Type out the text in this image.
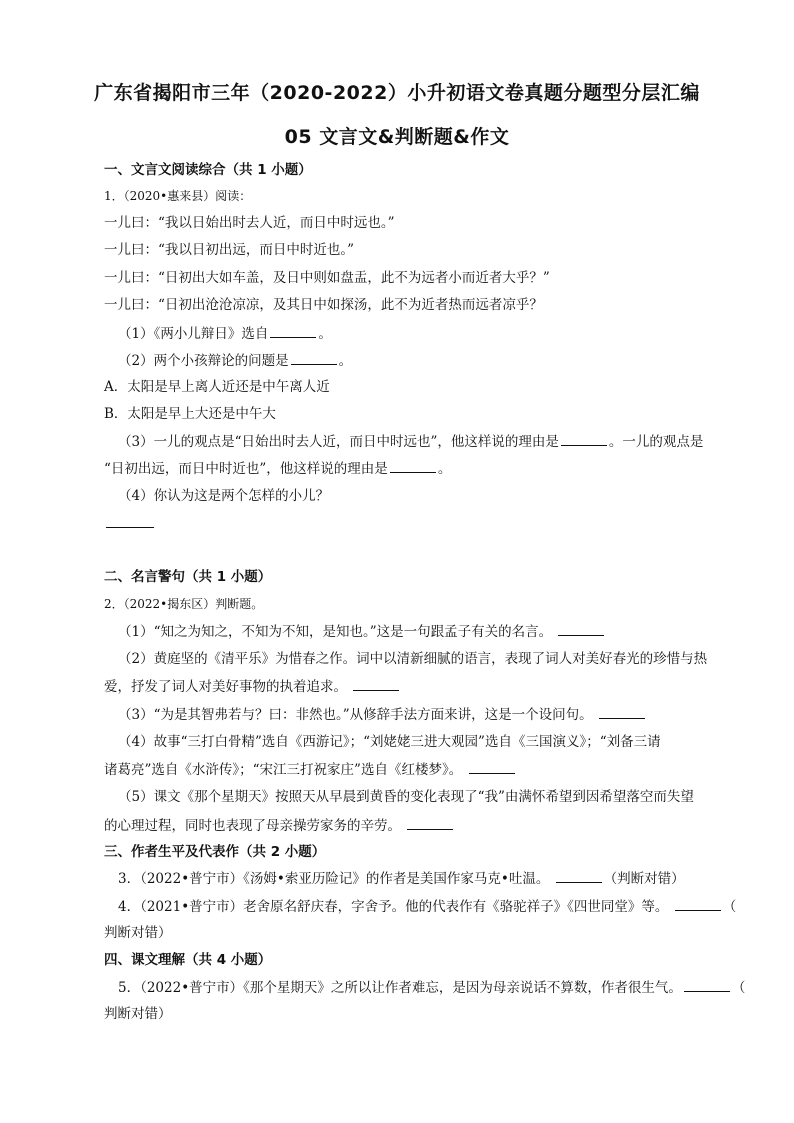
广东省揭阳市三年（2020-2022）小升初语文卷真题分题型分层汇编
05 文言文&判断题&作文
一、文言文阅读综合（共 1 小题）
1．（2020•惠来县）阅读：
一儿曰：“我以日始出时去人近，而日中时远也。”
一儿曰：“我以日初出远，而日中时近也。”
一儿曰：“日初出大如车盖，及日中则如盘盂，此不为远者小而近者大乎？”
一儿曰：“日初出沧沧凉凉，及其日中如探汤，此不为近者热而远者凉乎？
（1）《两小儿辩日》选自	。
（2）两个小孩辩论的问题是	。
A．太阳是早上离人近还是中午离人近
B．太阳是早上大还是中午大
（3）一儿的观点是“日始出时去人近，而日中时远也”，他这样说的理由是	。一儿的观点是
“日初出远，而日中时近也”，他这样说的理由是	。
（4）你认为这是两个怎样的小儿？
二、名言警句（共 1 小题）
2．（2022•揭东区）判断题。
（1）“知之为知之，不知为不知，是知也。”这是一句跟孟子有关的名言。
（2）黄庭坚的《清平乐》为惜春之作。词中以清新细腻的语言，表现了词人对美好春光的珍惜与热
爱，抒发了词人对美好事物的执着追求。
（3）“为是其智弗若与？曰：非然也。”从修辞手法方面来讲，这是一个设问句。
（4）故事“三打白骨精”选自《西游记》；“刘姥姥三进大观园”选自《三国演义》；“刘备三请
诸葛亮”选自《水浒传》；“宋江三打祝家庄”选自《红楼梦》。
（5）课文《那个星期天》按照天从早晨到黄昏的变化表现了“我”由满怀希望到因希望落空而失望
的心理过程，同时也表现了母亲操劳家务的辛劳。
三、作者生平及代表作（共 2 小题）
3．（2022•普宁市）《汤姆•索亚历险记》的作者是美国作家马克•吐温。	（判断对错）
4．（2021•普宁市）老舍原名舒庆春，字舍予。他的代表作有《骆驼祥子》《四世同堂》等。	（
判断对错）
四、课文理解（共 4 小题）
5．（2022•普宁市）《那个星期天》之所以让作者难忘，是因为母亲说话不算数，作者很生气。	（
判断对错）
